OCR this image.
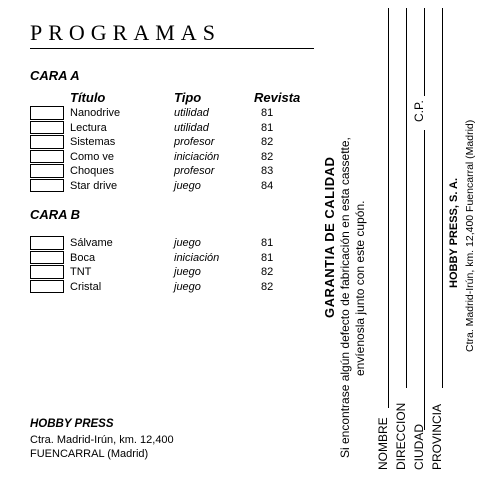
PROGRAMAS
CARA A
Título	Tipo	Revista
Nanodrive	utilidad	81
Lectura	utilidad	81
Sistemas	profesor	82
Como ve	iniciación	82
Choques	profesor	83
Star drive	juego	84
CARA B
Sálvame	juego	81
Boca	iniciación	81
TNT	juego	82
Cristal	juego	82
HOBBY PRESS
Ctra. Madrid-Irún, km. 12,400
FUENCARRAL (Madrid)
GARANTIA DE CALIDAD Si encontrase algún defecto de fabricación en esta cassette, envíenosla junto con este cupón.
NOMBRE DIRECCION CIUDAD
C.P.
PROVINCIA
HOBBY PRESS, S. A. Ctra. Madrid-Irún, km. 12,400 Fuencarral (Madrid)
